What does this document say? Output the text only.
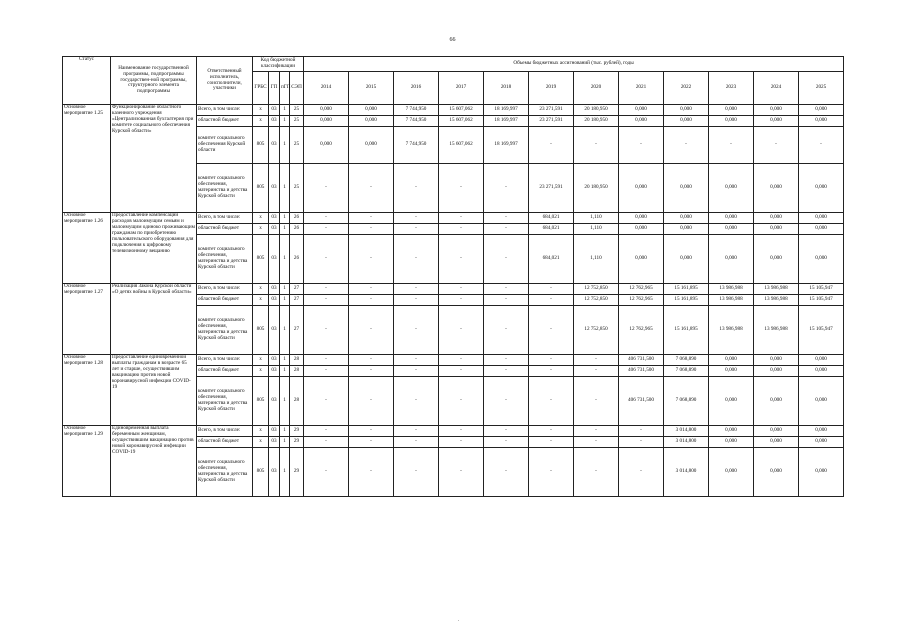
66
Статус	Наименование государственной программы, подпрограммы государствен-ной программы, структурного элемента подпрограммы	Ответственный исполнитель, соисполнители, участники	Код бюджетной классификации				Объемы бюджетных ассигнований (тыс. рублей), годы											
			ГРБС	ГП	пГП	СЭП	2014	2015	2016	2017	2018	2019	2020	2021	2022	2023	2024	2025
Основное мероприятие 1.25	Функционирование областного казенного учреждения «Централизованная бухгалтерия при комитете социального обеспечения Курской области»	Всего, в том числе:	х	03	1	25	0,000	0,000	7 744,950	15 607,062	18 169,997	23 271,591	20 180,950	0,000	0,000	0,000	0,000	0,000
		областной бюджет	х	03	1	25	0,000	0,000	7 744,950	15 607,062	18 169,997	23 271,591	20 180,950	0,000	0,000	0,000	0,000	0,000
		комитет социального обеспечения Курской области	805	03	1	25	0,000	0,000	7 744,950	15 607,062	18 169,997	-	-	-	-	-	-	-
		комитет социального обеспечения, материнства и детства Курской области	805	03	1	25	-	-	-	-	-	23 271,591	20 180,950	0,000	0,000	0,000	0,000	0,000
Основное мероприятие 1.26	Предоставление компенсации расходов малоимущим семьям и малоимущим одиноко проживающим гражданам по приобретению пользовательского оборудования для подключения к цифровому телевизионному вещанию	Всего, в том числе:	х	03	1	26	-	-	-	-	-	684,021	1,110	0,000	0,000	0,000	0,000	0,000
		областной бюджет	х	03	1	26	-	-	-	-	-	684,021	1,110	0,000	0,000	0,000	0,000	0,000
		комитет социального обеспечения, материнства и детства Курской области	805	03	1	26	-	-	-	-	-	684,021	1,110	0,000	0,000	0,000	0,000	0,000
Основное мероприятие 1.27	Реализация Закона Курской области «О детях войны в Курской области»	Всего, в том числе:	х	03	1	27	-	-	-	-	-	-	12 752,850	12 762,965	15 161,895	13 986,988	13 986,988	15 105,947
		областной бюджет	х	03	1	27	-	-	-	-	-	-	12 752,850	12 762,965	15 161,895	13 986,988	13 986,988	15 105,947
		комитет социального обеспечения, материнства и детства Курской области	805	03	1	27	-	-	-	-	-	-	12 752,850	12 762,965	15 161,895	13 986,988	13 986,988	15 105,947
Основное мероприятие 1.28	Предоставление единовременной выплаты гражданам в возрасте 65 лет и старше, осуществившим вакцинацию против новой коронавирусной инфекции COVID-19	Всего, в том числе:	х	03	1	28	-	-	-	-	-	-	-	406 731,500	7 068,890	0,000	0,000	0,000
		областной бюджет	х	03	1	28	-	-	-	-	-	-	-	406 731,500	7 068,890	0,000	0,000	0,000
		комитет социального обеспечения, материнства и детства Курской области	805	03	1	28	-	-	-	-	-	-	-	406 731,500	7 068,890	0,000	0,000	0,000
Основное мероприятие 1.29	Единовременная выплата беременным женщинам, осуществившим вакцинацию против новой коронавирусной инфекции COVID-19	Всего, в том числе:	х	03	1	29	-	-	-	-	-	-	-	-	3 014,800	0,000	0,000	0,000
		областной бюджет	х	03	1	29	-	-	-	-	-	-	-	-	3 014,800	0,000	0,000	0,000
		комитет социального обеспечения, материнства и детства Курской области	805	03	1	29	-	-	-	-	-	-	-	-	3 014,800	0,000	0,000	0,000
.
